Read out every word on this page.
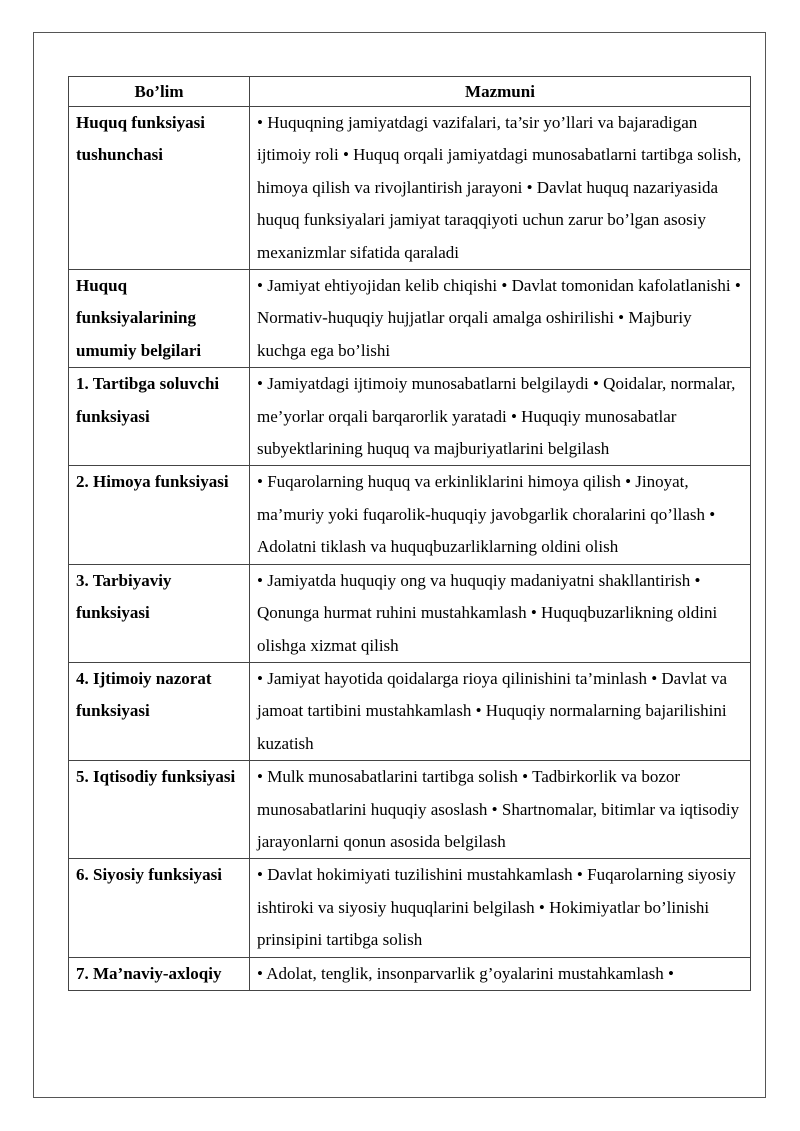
Bo’lim	Mazmuni
Huquq funksiyasi tushunchasi	• Huquqning jamiyatdagi vazifalari, ta’sir yo’llari va bajaradigan ijtimoiy roli • Huquq orqali jamiyatdagi munosabatlarni tartibga solish, himoya qilish va rivojlantirish jarayoni • Davlat huquq nazariyasida huquq funksiyalari jamiyat taraqqiyoti uchun zarur bo’lgan asosiy mexanizmlar sifatida qaraladi
Huquq funksiyalarining umumiy belgilari	• Jamiyat ehtiyojidan kelib chiqishi • Davlat tomonidan kafolatlanishi • Normativ-huquqiy hujjatlar orqali amalga oshirilishi • Majburiy kuchga ega bo’lishi
1. Tartibga soluvchi funksiyasi	• Jamiyatdagi ijtimoiy munosabatlarni belgilaydi • Qoidalar, normalar, me’yorlar orqali barqarorlik yaratadi • Huquqiy munosabatlar subyektlarining huquq va majburiyatlarini belgilash
2. Himoya funksiyasi	• Fuqarolarning huquq va erkinliklarini himoya qilish • Jinoyat, ma’muriy yoki fuqarolik-huquqiy javobgarlik choralarini qo’llash • Adolatni tiklash va huquqbuzarliklarning oldini olish
3. Tarbiyaviy funksiyasi	• Jamiyatda huquqiy ong va huquqiy madaniyatni shakllantirish • Qonunga hurmat ruhini mustahkamlash • Huquqbuzarlikning oldini olishga xizmat qilish
4. Ijtimoiy nazorat funksiyasi	• Jamiyat hayotida qoidalarga rioya qilinishini ta’minlash • Davlat va jamoat tartibini mustahkamlash • Huquqiy normalarning bajarilishini kuzatish
5. Iqtisodiy funksiyasi	• Mulk munosabatlarini tartibga solish • Tadbirkorlik va bozor munosabatlarini huquqiy asoslash • Shartnomalar, bitimlar va iqtisodiy jarayonlarni qonun asosida belgilash
6. Siyosiy funksiyasi	• Davlat hokimiyati tuzilishini mustahkamlash • Fuqarolarning siyosiy ishtiroki va siyosiy huquqlarini belgilash • Hokimiyatlar bo’linishi prinsipini tartibga solish
7. Ma’naviy-axloqiy	• Adolat, tenglik, insonparvarlik g’oyalarini mustahkamlash •
